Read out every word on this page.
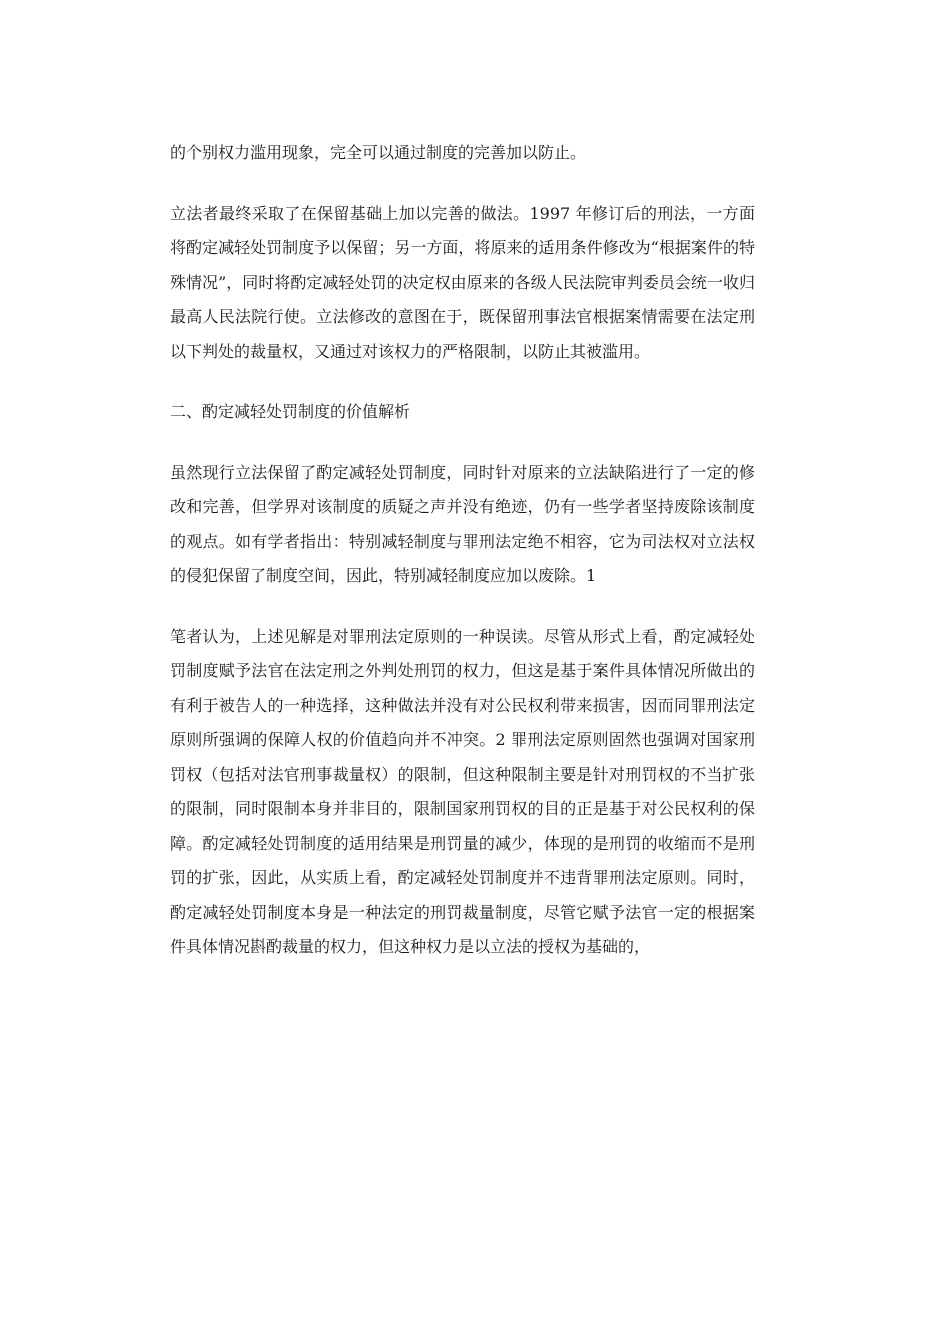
的个别权力滥用现象，完全可以通过制度的完善加以防止。

立法者最终采取了在保留基础上加以完善的做法。1997 年修订后的刑法，一方面将酌定减轻处罚制度予以保留；另一方面，将原来的适用条件修改为“根据案件的特殊情况”，同时将酌定减轻处罚的决定权由原来的各级人民法院审判委员会统一收归最高人民法院行使。立法修改的意图在于，既保留刑事法官根据案情需要在法定刑以下判处的裁量权，又通过对该权力的严格限制，以防止其被滥用。

二、酌定减轻处罚制度的价值解析

虽然现行立法保留了酌定减轻处罚制度，同时针对原来的立法缺陷进行了一定的修改和完善，但学界对该制度的质疑之声并没有绝迹，仍有一些学者坚持废除该制度的观点。如有学者指出：特别减轻制度与罪刑法定绝不相容，它为司法权对立法权的侵犯保留了制度空间，因此，特别减轻制度应加以废除。1

笔者认为，上述见解是对罪刑法定原则的一种误读。尽管从形式上看，酌定减轻处罚制度赋予法官在法定刑之外判处刑罚的权力，但这是基于案件具体情况所做出的有利于被告人的一种选择，这种做法并没有对公民权利带来损害，因而同罪刑法定原则所强调的保障人权的价值趋向并不冲突。2 罪刑法定原则固然也强调对国家刑罚权（包括对法官刑事裁量权）的限制，但这种限制主要是针对刑罚权的不当扩张的限制，同时限制本身并非目的，限制国家刑罚权的目的正是基于对公民权利的保障。酌定减轻处罚制度的适用结果是刑罚量的减少，体现的是刑罚的收缩而不是刑罚的扩张，因此，从实质上看，酌定减轻处罚制度并不违背罪刑法定原则。同时，酌定减轻处罚制度本身是一种法定的刑罚裁量制度，尽管它赋予法官一定的根据案件具体情况斟酌裁量的权力，但这种权力是以立法的授权为基础的，
